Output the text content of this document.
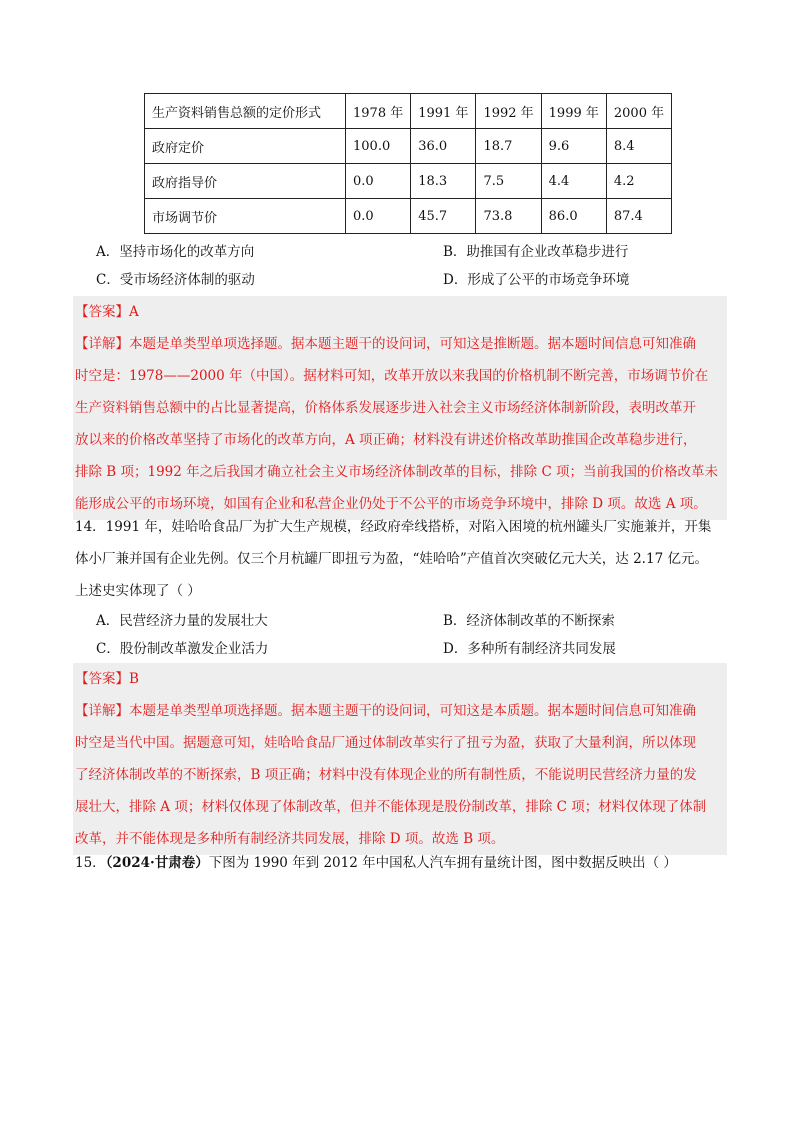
生产资料销售总额的定价形式	1978 年	1991 年	1992 年	1999 年	2000 年
政府定价	100.0	36.0	18.7	9.6	8.4
政府指导价	0.0	18.3	7.5	4.4	4.2
市场调节价	0.0	45.7	73.8	86.0	87.4
A．坚持市场化的改革方向	B．助推国有企业改革稳步进行
C．受市场经济体制的驱动	D．形成了公平的市场竞争环境
【答案】A
【详解】本题是单类型单项选择题。据本题主题干的设问词，可知这是推断题。据本题时间信息可知准确
时空是：1978——2000 年（中国）。据材料可知，改革开放以来我国的价格机制不断完善，市场调节价在
生产资料销售总额中的占比显著提高，价格体系发展逐步进入社会主义市场经济体制新阶段，表明改革开
放以来的价格改革坚持了市场化的改革方向，A 项正确；材料没有讲述价格改革助推国企改革稳步进行，
排除 B 项；1992 年之后我国才确立社会主义市场经济体制改革的目标，排除 C 项；当前我国的价格改革未
能形成公平的市场环境，如国有企业和私营企业仍处于不公平的市场竞争环境中，排除 D 项。故选 A 项。
14．1991 年，娃哈哈食品厂为扩大生产规模，经政府牵线搭桥，对陷入困境的杭州罐头厂实施兼并，开集
体小厂兼并国有企业先例。仅三个月杭罐厂即扭亏为盈，“娃哈哈”产值首次突破亿元大关，达 2.17 亿元。
上述史实体现了（ ）
A．民营经济力量的发展壮大	B．经济体制改革的不断探索
C．股份制改革激发企业活力	D．多种所有制经济共同发展
【答案】B
【详解】本题是单类型单项选择题。据本题主题干的设问词，可知这是本质题。据本题时间信息可知准确
时空是当代中国。据题意可知，娃哈哈食品厂通过体制改革实行了扭亏为盈，获取了大量利润，所以体现
了经济体制改革的不断探索，B 项正确；材料中没有体现企业的所有制性质，不能说明民营经济力量的发
展壮大，排除 A 项；材料仅体现了体制改革，但并不能体现是股份制改革，排除 C 项；材料仅体现了体制
改革，并不能体现是多种所有制经济共同发展，排除 D 项。故选 B 项。
15．（2024·甘肃卷）下图为 1990 年到 2012 年中国私人汽车拥有量统计图，图中数据反映出（ ）
